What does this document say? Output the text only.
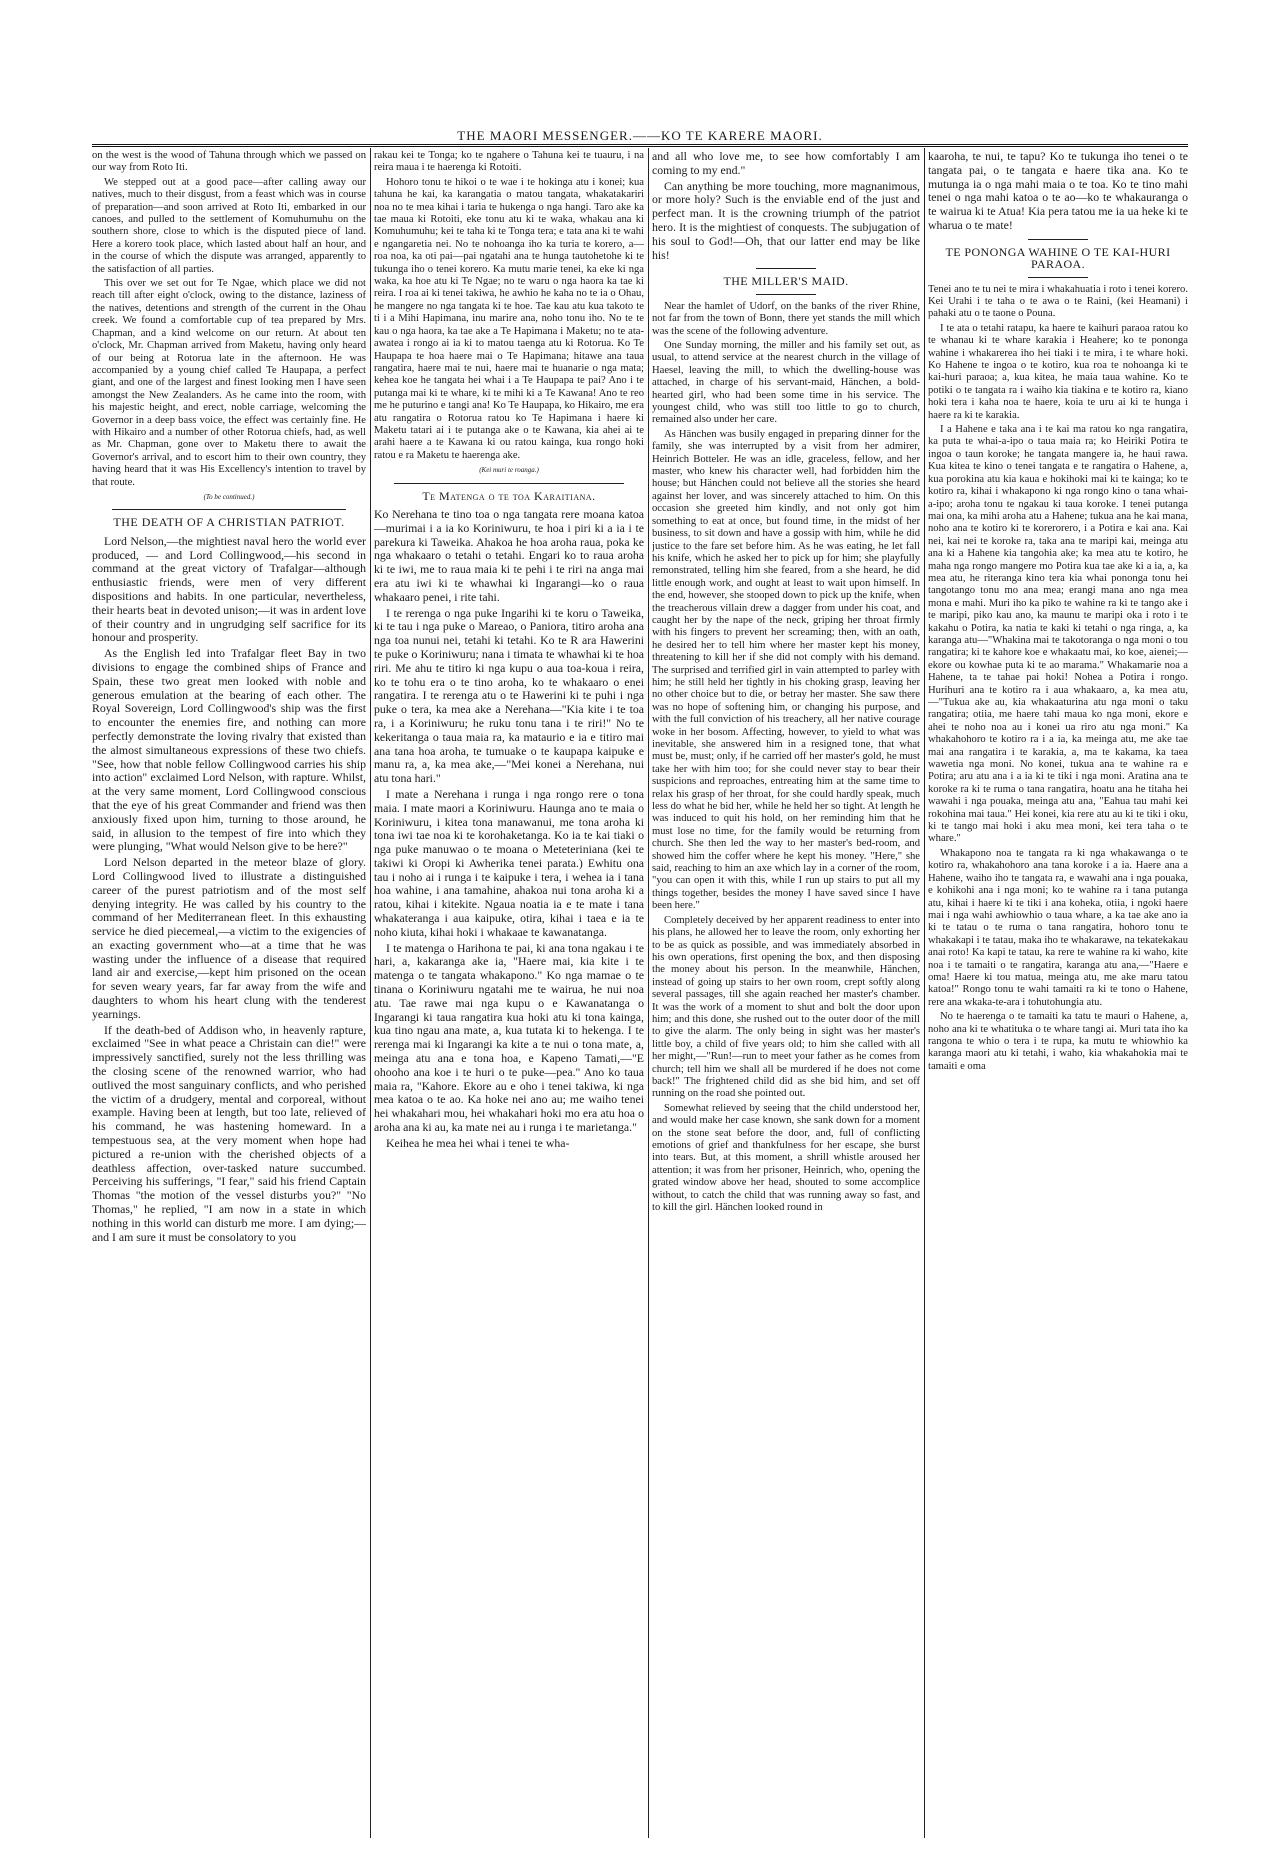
THE MAORI MESSENGER.——KO TE KARERE MAORI.

on the west is the wood of Tahuna through which we passed on our way from Roto Iti.

We stepped out at a good pace—after calling away our natives, much to their disgust, from a feast which was in course of preparation—and soon arrived at Roto Iti, embarked in our canoes, and pulled to the settlement of Komuhumuhu on the southern shore, close to which is the disputed piece of land. Here a korero took place, which lasted about half an hour, and in the course of which the dispute was arranged, apparently to the satisfaction of all parties.

This over we set out for Te Ngae, which place we did not reach till after eight o'clock, owing to the distance, laziness of the natives, detentions and strength of the current in the Ohau creek. We found a comfortable cup of tea prepared by Mrs. Chapman, and a kind welcome on our return. At about ten o'clock, Mr. Chapman arrived from Maketu, having only heard of our being at Rotorua late in the afternoon. He was accompanied by a young chief called Te Haupapa, a perfect giant, and one of the largest and finest looking men I have seen amongst the New Zealanders. As he came into the room, with his majestic height, and erect, noble carriage, welcoming the Governor in a deep bass voice, the effect was certainly fine. He with Hikairo and a number of other Rotorua chiefs, had, as well as Mr. Chapman, gone over to Maketu there to await the Governor's arrival, and to escort him to their own country, they having heard that it was His Excellency's intention to travel by that route.

(To be continued.)
THE DEATH OF A CHRISTIAN PATRIOT.

Lord Nelson,—the mightiest naval hero the world ever produced, — and Lord Collingwood,—his second in command at the great victory of Trafalgar—although enthusiastic friends, were men of very different dispositions and habits. In one particular, nevertheless, their hearts beat in devoted unison;—it was in ardent love of their country and in ungrudging self sacrifice for its honour and prosperity.

As the English led into Trafalgar fleet Bay in two divisions to engage the combined ships of France and Spain, these two great men looked with noble and generous emulation at the bearing of each other. The Royal Sovereign, Lord Collingwood's ship was the first to encounter the enemies fire, and nothing can more perfectly demonstrate the loving rivalry that existed than the almost simultaneous expressions of these two chiefs. "See, how that noble fellow Collingwood carries his ship into action" exclaimed Lord Nelson, with rapture. Whilst, at the very same moment, Lord Collingwood conscious that the eye of his great Commander and friend was then anxiously fixed upon him, turning to those around, he said, in allusion to the tempest of fire into which they were plunging, "What would Nelson give to be here?"

Lord Nelson departed in the meteor blaze of glory. Lord Collingwood lived to illustrate a distinguished career of the purest patriotism and of the most self denying integrity. He was called by his country to the command of her Mediterranean fleet. In this exhausting service he died piecemeal,—a victim to the exigencies of an exacting government who—at a time that he was wasting under the influence of a disease that required land air and exercise,—kept him prisoned on the ocean for seven weary years, far far away from the wife and daughters to whom his heart clung with the tenderest yearnings.

If the death-bed of Addison who, in heavenly rapture, exclaimed "See in what peace a Christain can die!" were impressively sanctified, surely not the less thrilling was the closing scene of the renowned warrior, who had outlived the most sanguinary conflicts, and who perished the victim of a drudgery, mental and corporeal, without example. Having been at length, but too late, relieved of his command, he was hastening homeward. In a tempestuous sea, at the very moment when hope had pictured a re-union with the cherished objects of a deathless affection, over-tasked nature succumbed. Perceiving his sufferings, "I fear," said his friend Captain Thomas "the motion of the vessel disturbs you?" "No Thomas," he replied, "I am now in a state in which nothing in this world can disturb me more. I am dying;—and I am sure it must be consolatory to you

rakau kei te Tonga; ko te ngahere o Tahuna kei te tuauru, i na reira maua i te haerenga ki Rotoiti.

Hohoro tonu te hikoi o te wae i te hokinga atu i konei; kua tahuna he kai, ka karangatia o matou tangata, whakatakariri noa no te mea kihai i taria te hukenga o nga hangi. Taro ake ka tae maua ki Rotoiti, eke tonu atu ki te waka, whakau ana ki Komuhumuhu; kei te taha ki te Tonga tera; e tata ana ki te wahi e ngangaretia nei. No te nohoanga iho ka turia te korero, a—roa noa, ka oti pai—pai ngatahi ana te hunga tautohetohe ki te tukunga iho o tenei korero. Ka mutu marie tenei, ka eke ki nga waka, ka hoe atu ki Te Ngae; no te waru o nga haora ka tae ki reira. I roa ai ki tenei takiwa, he awhio he kaha no te ia o Ohau, he mangere no nga tangata ki te hoe. Tae kau atu kua takoto te ti i a Mihi Hapimana, inu marire ana, noho tonu iho. No te te kau o nga haora, ka tae ake a Te Hapimana i Maketu; no te ata-awatea i rongo ai ia ki to matou taenga atu ki Rotorua. Ko Te Haupapa te hoa haere mai o Te Hapimana; hitawe ana taua rangatira, haere mai te nui, haere mai te huanarie o nga mata; kehea koe he tangata hei whai i a Te Haupapa te pai? Ano i te putanga mai ki te whare, ki te mihi ki a Te Kawana! Ano te reo me he puturino e tangi ana! Ko Te Haupapa, ko Hikairo, me era atu rangatira o Rotorua ratou ko Te Hapimana i haere ki Maketu tatari ai i te putanga ake o te Kawana, kia ahei ai te arahi haere a te Kawana ki ou ratou kainga, kua rongo hoki ratou e ra Maketu te haerenga ake.

(Kei muri te roanga.)
Te Matenga o te toa Karaitiana.

Ko Nerehana te tino toa o nga tangata rere moana katoa—murimai i a ia ko Koriniwuru, te hoa i piri ki a ia i te parekura ki Taweika. Ahakoa he hoa aroha raua, poka ke nga whakaaro o tetahi o tetahi. Engari ko to raua aroha ki te iwi, me to raua maia ki te pehi i te riri na anga mai era atu iwi ki te whawhai ki Ingarangi—ko o raua whakaaro penei, i rite tahi.

I te rerenga o nga puke Ingarihi ki te koru o Taweika, ki te tau i nga puke o Mareao, o Paniora, titiro aroha ana nga toa nunui nei, tetahi ki tetahi. Ko te R ara Hawerini te puke o Koriniwuru; nana i timata te whawhai ki te hoa riri. Me ahu te titiro ki nga kupu o aua toa-koua i reira, ko te tohu era o te tino aroha, ko te whakaaro o enei rangatira. I te rerenga atu o te Hawerini ki te puhi i nga puke o tera, ka mea ake a Nerehana—"Kia kite i te toa ra, i a Koriniwuru; he ruku tonu tana i te riri!" No te kekeritanga o taua maia ra, ka mataurio e ia e titiro mai ana tana hoa aroha, te tumuake o te kaupapa kaipuke e manu ra, a, ka mea ake,—"Mei konei a Nerehana, nui atu tona hari."

I mate a Nerehana i runga i nga rongo rere o tona maia. I mate maori a Koriniwuru. Haunga ano te maia o Koriniwuru, i kitea tona manawanui, me tona aroha ki tona iwi tae noa ki te korohaketanga. Ko ia te kai tiaki o nga puke manuwao o te moana o Meteteriniana (kei te takiwi ki Oropi ki Awherika tenei parata.) Ewhitu ona tau i noho ai i runga i te kaipuke i tera, i wehea ia i tana hoa wahine, i ana tamahine, ahakoa nui tona aroha ki a ratou, kihai i kitekite. Ngaua noatia ia e te mate i tana whakateranga i aua kaipuke, otira, kihai i taea e ia te noho kiuta, kihai hoki i whakaae te kawanatanga.

I te matenga o Harihona te pai, ki ana tona ngakau i te hari, a, kakaranga ake ia, "Haere mai, kia kite i te matenga o te tangata whakapono." Ko nga mamae o te tinana o Koriniwuru ngatahi me te wairua, he nui noa atu. Tae rawe mai nga kupu o e Kawanatanga o Ingarangi ki taua rangatira kua hoki atu ki tona kainga, kua tino ngau ana mate, a, kua tutata ki to hekenga. I te rerenga mai ki Ingarangi ka kite a te nui o tona mate, a, meinga atu ana e tona hoa, e Kapeno Tamati,—"E ohooho ana koe i te huri o te puke—pea." Ano ko taua maia ra, "Kahore. Ekore au e oho i tenei takiwa, ki nga mea katoa o te ao. Ka hoke nei ano au; me waiho tenei hei whakahari mou, hei whakahari hoki mo era atu hoa o aroha ana ki au, ka mate nei au i runga i te marietanga."

Keihea he mea hei whai i tenei te wha-

and all who love me, to see how comfortably I am coming to my end."

Can anything be more touching, more magnanimous, or more holy? Such is the enviable end of the just and perfect man. It is the crowning triumph of the patriot hero. It is the mightiest of conquests. The subjugation of his soul to God!—Oh, that our latter end may be like his!

THE MILLER'S MAID.

Near the hamlet of Udorf, on the banks of the river Rhine, not far from the town of Bonn, there yet stands the mill which was the scene of the following adventure.

One Sunday morning, the miller and his family set out, as usual, to attend service at the nearest church in the village of Haesel, leaving the mill, to which the dwelling-house was attached, in charge of his servant-maid, Hänchen, a bold-hearted girl, who had been some time in his service. The youngest child, who was still too little to go to church, remained also under her care.

As Hänchen was busily engaged in preparing dinner for the family, she was interrupted by a visit from her admirer, Heinrich Botteler. He was an idle, graceless, fellow, and her master, who knew his character well, had forbidden him the house; but Hänchen could not believe all the stories she heard against her lover, and was sincerely attached to him. On this occasion she greeted him kindly, and not only got him something to eat at once, but found time, in the midst of her business, to sit down and have a gossip with him, while he did justice to the fare set before him. As he was eating, he let fall his knife, which he asked her to pick up for him; she playfully remonstrated, telling him she feared, from a she heard, he did little enough work, and ought at least to wait upon himself. In the end, however, she stooped down to pick up the knife, when the treacherous villain drew a dagger from under his coat, and caught her by the nape of the neck, griping her throat firmly with his fingers to prevent her screaming; then, with an oath, he desired her to tell him where her master kept his money, threatening to kill her if she did not comply with his demand. The surprised and terrified girl in vain attempted to parley with him; he still held her tightly in his choking grasp, leaving her no other choice but to die, or betray her master. She saw there was no hope of softening him, or changing his purpose, and with the full conviction of his treachery, all her native courage woke in her bosom. Affecting, however, to yield to what was inevitable, she answered him in a resigned tone, that what must be, must; only, if he carried off her master's gold, he must take her with him too; for she could never stay to bear their suspicions and reproaches, entreating him at the same time to relax his grasp of her throat, for she could hardly speak, much less do what he bid her, while he held her so tight. At length he was induced to quit his hold, on her reminding him that he must lose no time, for the family would be returning from church. She then led the way to her master's bed-room, and showed him the coffer where he kept his money. "Here," she said, reaching to him an axe which lay in a corner of the room, "you can open it with this, while I run up stairs to put all my things together, besides the money I have saved since I have been here."

Completely deceived by her apparent readiness to enter into his plans, he allowed her to leave the room, only exhorting her to be as quick as possible, and was immediately absorbed in his own operations, first opening the box, and then disposing the money about his person. In the meanwhile, Hänchen, instead of going up stairs to her own room, crept softly along several passages, till she again reached her master's chamber. It was the work of a moment to shut and bolt the door upon him; and this done, she rushed out to the outer door of the mill to give the alarm. The only being in sight was her master's little boy, a child of five years old; to him she called with all her might,—"Run!—run to meet your father as he comes from church; tell him we shall all be murdered if he does not come back!" The frightened child did as she bid him, and set off running on the road she pointed out.

Somewhat relieved by seeing that the child understood her, and would make her case known, she sank down for a moment on the stone seat before the door, and, full of conflicting emotions of grief and thankfulness for her escape, she burst into tears. But, at this moment, a shrill whistle aroused her attention; it was from her prisoner, Heinrich, who, opening the grated window above her head, shouted to some accomplice without, to catch the child that was running away so fast, and to kill the girl. Hänchen looked round in

kaaroha, te nui, te tapu? Ko te tukunga iho tenei o te tangata pai, o te tangata e haere tika ana. Ko te mutunga ia o nga mahi maia o te toa. Ko te tino mahi tenei o nga mahi katoa o te ao—ko te whakauranga o te wairua ki te Atua! Kia pera tatou me ia ua heke ki te wharua o te mate!

TE PONONGA WAHINE O TE KAI-HURI PARAOA.

Tenei ano te tu nei te mira i whakahuatia i roto i tenei korero. Kei Urahi i te taha o te awa o te Raini, (kei Heamani) i pahaki atu o te taone o Pouna.

I te ata o tetahi ratapu, ka haere te kaihuri paraoa ratou ko te whanau ki te whare karakia i Heahere; ko te pononga wahine i whakarerea iho hei tiaki i te mira, i te whare hoki. Ko Hahene te ingoa o te kotiro, kua roa te nohoanga ki te kai-huri paraoa; a, kua kitea, he maia taua wahine. Ko te potiki o te tangata ra i waiho kia tiakina e te kotiro ra, kiano hoki tera i kaha noa te haere, koia te uru ai ki te hunga i haere ra ki te karakia.

I a Hahene e taka ana i te kai ma ratou ko nga rangatira, ka puta te whai-a-ipo o taua maia ra; ko Heiriki Potira te ingoa o taun koroke; he tangata mangere ia, he haui rawa. Kua kitea te kino o tenei tangata e te rangatira o Hahene, a, kua porokina atu kia kaua e hokihoki mai ki te kainga; ko te kotiro ra, kihai i whakapono ki nga rongo kino o tana whai-a-ipo; aroha tonu te ngakau ki taua koroke. I tenei putanga mai ona, ka mihi aroha atu a Hahene; tukua ana he kai mana, noho ana te kotiro ki te korerorero, i a Potira e kai ana. Kai nei, kai nei te koroke ra, taka ana te maripi kai, meinga atu ana ki a Hahene kia tangohia ake; ka mea atu te kotiro, he maha nga rongo mangere mo Potira kua tae ake ki a ia, a, ka mea atu, he riteranga kino tera kia whai pononga tonu hei tangotango tonu mo ana mea; erangi mana ano nga mea mona e mahi. Muri iho ka piko te wahine ra ki te tango ake i te maripi, piko kau ano, ka maunu te maripi oka i roto i te kakahu o Potira, ka natia te kaki ki tetahi o nga ringa, a, ka karanga atu—"Whakina mai te takotoranga o nga moni o tou rangatira; ki te kahore koe e whakaatu mai, ko koe, aienei;—ekore ou kowhae puta ki te ao marama." Whakamarie noa a Hahene, ta te tahae pai hoki! Nohea a Potira i rongo. Hurihuri ana te kotiro ra i aua whakaaro, a, ka mea atu,—"Tukua ake au, kia whakaaturina atu nga moni o taku rangatira; otiia, me haere tahi maua ko nga moni, ekore e ahei te noho noa au i konei ua riro atu nga moni." Ka whakahohoro te kotiro ra i a ia, ka meinga atu, me ake tae mai ana rangatira i te karakia, a, ma te kakama, ka taea wawetia nga moni. No konei, tukua ana te wahine ra e Potira; aru atu ana i a ia ki te tiki i nga moni. Aratina ana te koroke ra ki te ruma o tana rangatira, hoatu ana he titaha hei wawahi i nga pouaka, meinga atu ana, "Eahua tau mahi kei rokohina mai taua." Hei konei, kia rere atu au ki te tiki i oku, ki te tango mai hoki i aku mea moni, kei tera taha o te whare."

Whakapono noa te tangata ra ki nga whakawanga o te kotiro ra, whakahohoro ana tana koroke i a ia. Haere ana a Hahene, waiho iho te tangata ra, e wawahi ana i nga pouaka, e kohikohi ana i nga moni; ko te wahine ra i tana putanga atu, kihai i haere ki te tiki i ana koheka, otiia, i ngoki haere mai i nga wahi awhiowhio o taua whare, a ka tae ake ano ia ki te tatau o te ruma o tana rangatira, hohoro tonu te whakakapi i te tatau, maka iho te whakarawe, na tekatekakau anai roto! Ka kapi te tatau, ka rere te wahine ra ki waho, kite noa i te tamaiti o te rangatira, karanga atu ana,—"Haere e oma! Haere ki tou matua, meinga atu, me ake maru tatou katoa!" Rongo tonu te wahi tamaiti ra ki te tono o Hahene, rere ana wkaka-te-ara i tohutohungia atu.

No te haerenga o te tamaiti ka tatu te mauri o Hahene, a, noho ana ki te whatituka o te whare tangi ai. Muri tata iho ka rangona te whio o tera i te rupa, ka mutu te whiowhio ka karanga maori atu ki tetahi, i waho, kia whakahokia mai te tamaiti e oma
